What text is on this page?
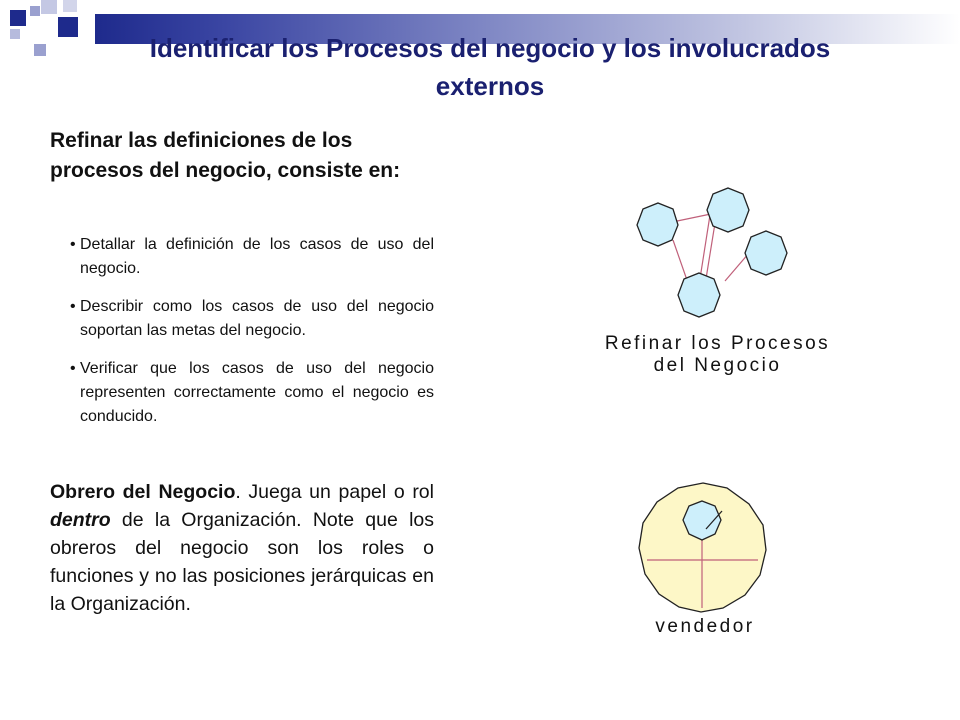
Identificar los Procesos del negocio y los involucrados externos
Refinar las definiciones de los procesos del negocio, consiste en:
• Detallar la definición de los casos de uso del negocio.
• Describir como los casos de uso del negocio soportan las metas del negocio.
• Verificar que los casos de uso del negocio representen correctamente como el negocio es conducido.
Obrero del Negocio. Juega un papel o rol dentro de la Organización. Note que los obreros del negocio son los roles o funciones y no las posiciones jerárquicas en la Organización.
Refinar los Procesos
del Negocio
vendedor
